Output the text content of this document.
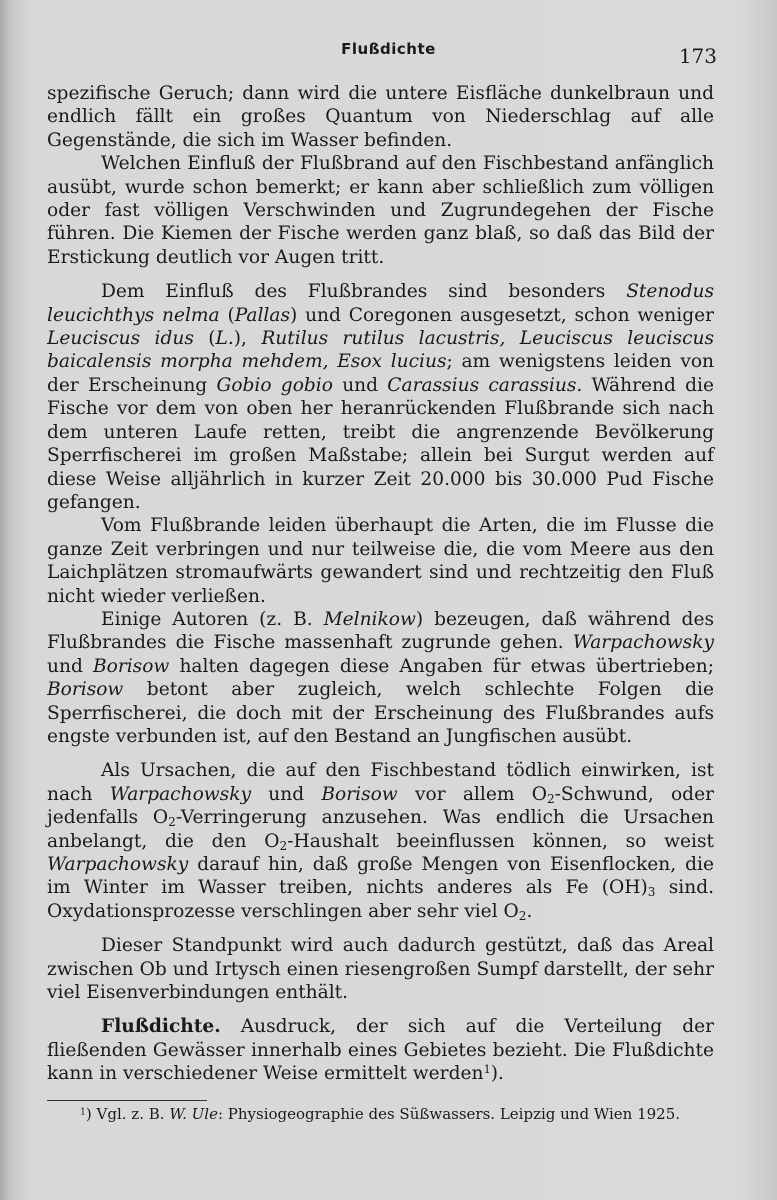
Flußdichte	173

spezifische Geruch; dann wird die untere Eisfläche dunkelbraun und endlich fällt ein großes Quantum von Niederschlag auf alle Gegenstände, die sich im Wasser befinden.

Welchen Einfluß der Flußbrand auf den Fischbestand anfänglich ausübt, wurde schon bemerkt; er kann aber schließlich zum völligen oder fast völligen Verschwinden und Zugrundegehen der Fische führen. Die Kiemen der Fische werden ganz blaß, so daß das Bild der Erstickung deutlich vor Augen tritt.

Dem Einfluß des Flußbrandes sind besonders Stenodus leucichthys nelma (Pallas) und Coregonen ausgesetzt, schon weniger Leuciscus idus (L.), Rutilus rutilus lacustris, Leuciscus leuciscus baicalensis morpha mehdem, Esox lucius; am wenigstens leiden von der Erscheinung Gobio gobio und Carassius carassius. Während die Fische vor dem von oben her heranrückenden Flußbrande sich nach dem unteren Laufe retten, treibt die angrenzende Bevölkerung Sperrfischerei im großen Maßstabe; allein bei Surgut werden auf diese Weise alljährlich in kurzer Zeit 20.000 bis 30.000 Pud Fische gefangen.

Vom Flußbrande leiden überhaupt die Arten, die im Flusse die ganze Zeit verbringen und nur teilweise die, die vom Meere aus den Laichplätzen stromaufwärts gewandert sind und rechtzeitig den Fluß nicht wieder verließen.

Einige Autoren (z. B. Melnikow) bezeugen, daß während des Flußbrandes die Fische massenhaft zugrunde gehen. Warpachowsky und Borisow halten dagegen diese Angaben für etwas übertrieben; Borisow betont aber zugleich, welch schlechte Folgen die Sperrfischerei, die doch mit der Erscheinung des Flußbrandes aufs engste verbunden ist, auf den Bestand an Jungfischen ausübt.

Als Ursachen, die auf den Fischbestand tödlich einwirken, ist nach Warpachowsky und Borisow vor allem $O_2$-Schwund, oder jedenfalls $O_2$-Verringerung anzusehen. Was endlich die Ursachen anbelangt, die den $O_2$-Haushalt beeinflussen können, so weist Warpachowsky darauf hin, daß große Mengen von Eisenflocken, die im Winter im Wasser treiben, nichts anderes als Fe $(OH)_3$ sind. Oxydationsprozesse verschlingen aber sehr viel $O_2$.

Dieser Standpunkt wird auch dadurch gestützt, daß das Areal zwischen Ob und Irtysch einen riesengroßen Sumpf darstellt, der sehr viel Eisenverbindungen enthält.

Flußdichte. Ausdruck, der sich auf die Verteilung der fließenden Gewässer innerhalb eines Gebietes bezieht. Die Flußdichte kann in verschiedener Weise ermittelt werden$^1$).

$^1$) Vgl. z. B. W. Ule: Physiogeographie des Süßwassers. Leipzig und Wien 1925.
